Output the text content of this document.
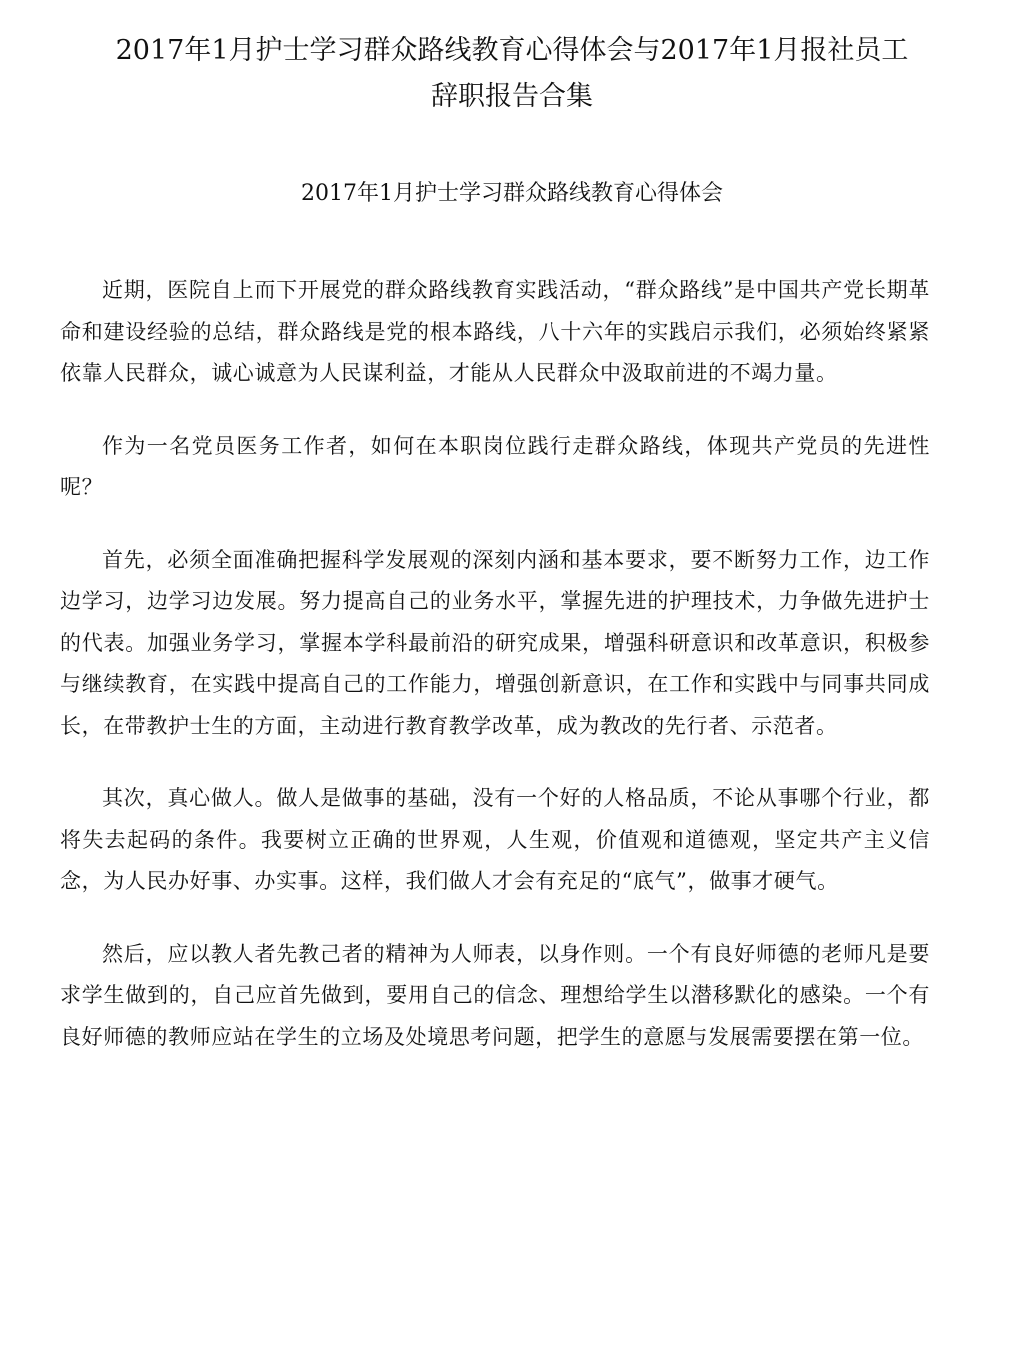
2017年1月护士学习群众路线教育心得体会与2017年1月报社员工
辞职报告合集
2017年1月护士学习群众路线教育心得体会

近期，医院自上而下开展党的群众路线教育实践活动，“群众路线”是中国共产党长期革命和建设经验的总结，群众路线是党的根本路线，八十六年的实践启示我们，必须始终紧紧依靠人民群众，诚心诚意为人民谋利益，才能从人民群众中汲取前进的不竭力量。

作为一名党员医务工作者，如何在本职岗位践行走群众路线，体现共产党员的先进性呢？

首先，必须全面准确把握科学发展观的深刻内涵和基本要求，要不断努力工作，边工作边学习，边学习边发展。努力提高自己的业务水平，掌握先进的护理技术，力争做先进护士的代表。加强业务学习，掌握本学科最前沿的研究成果，增强科研意识和改革意识，积极参与继续教育，在实践中提高自己的工作能力，增强创新意识，在工作和实践中与同事共同成长，在带教护士生的方面，主动进行教育教学改革，成为教改的先行者、示范者。

其次，真心做人。做人是做事的基础，没有一个好的人格品质，不论从事哪个行业，都将失去起码的条件。我要树立正确的世界观，人生观，价值观和道德观，坚定共产主义信念，为人民办好事、办实事。这样，我们做人才会有充足的“底气”，做事才硬气。

然后，应以教人者先教己者的精神为人师表，以身作则。一个有良好师德的老师凡是要求学生做到的，自己应首先做到，要用自己的信念、理想给学生以潜移默化的感染。一个有良好师德的教师应站在学生的立场及处境思考问题，把学生的意愿与发展需要摆在第一位。
